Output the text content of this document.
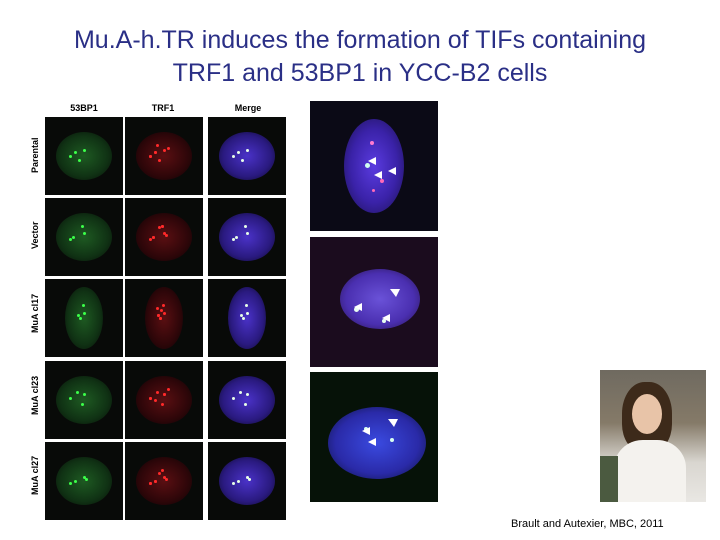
Mu.A-h.TR induces the formation of TIFs containing
TRF1 and 53BP1 in YCC-B2 cells
53BP1	TRF1	Merge
Parental
Vector
MuA cl17
MuA cl23
MuA cl27
Brault and Autexier, MBC, 2011
